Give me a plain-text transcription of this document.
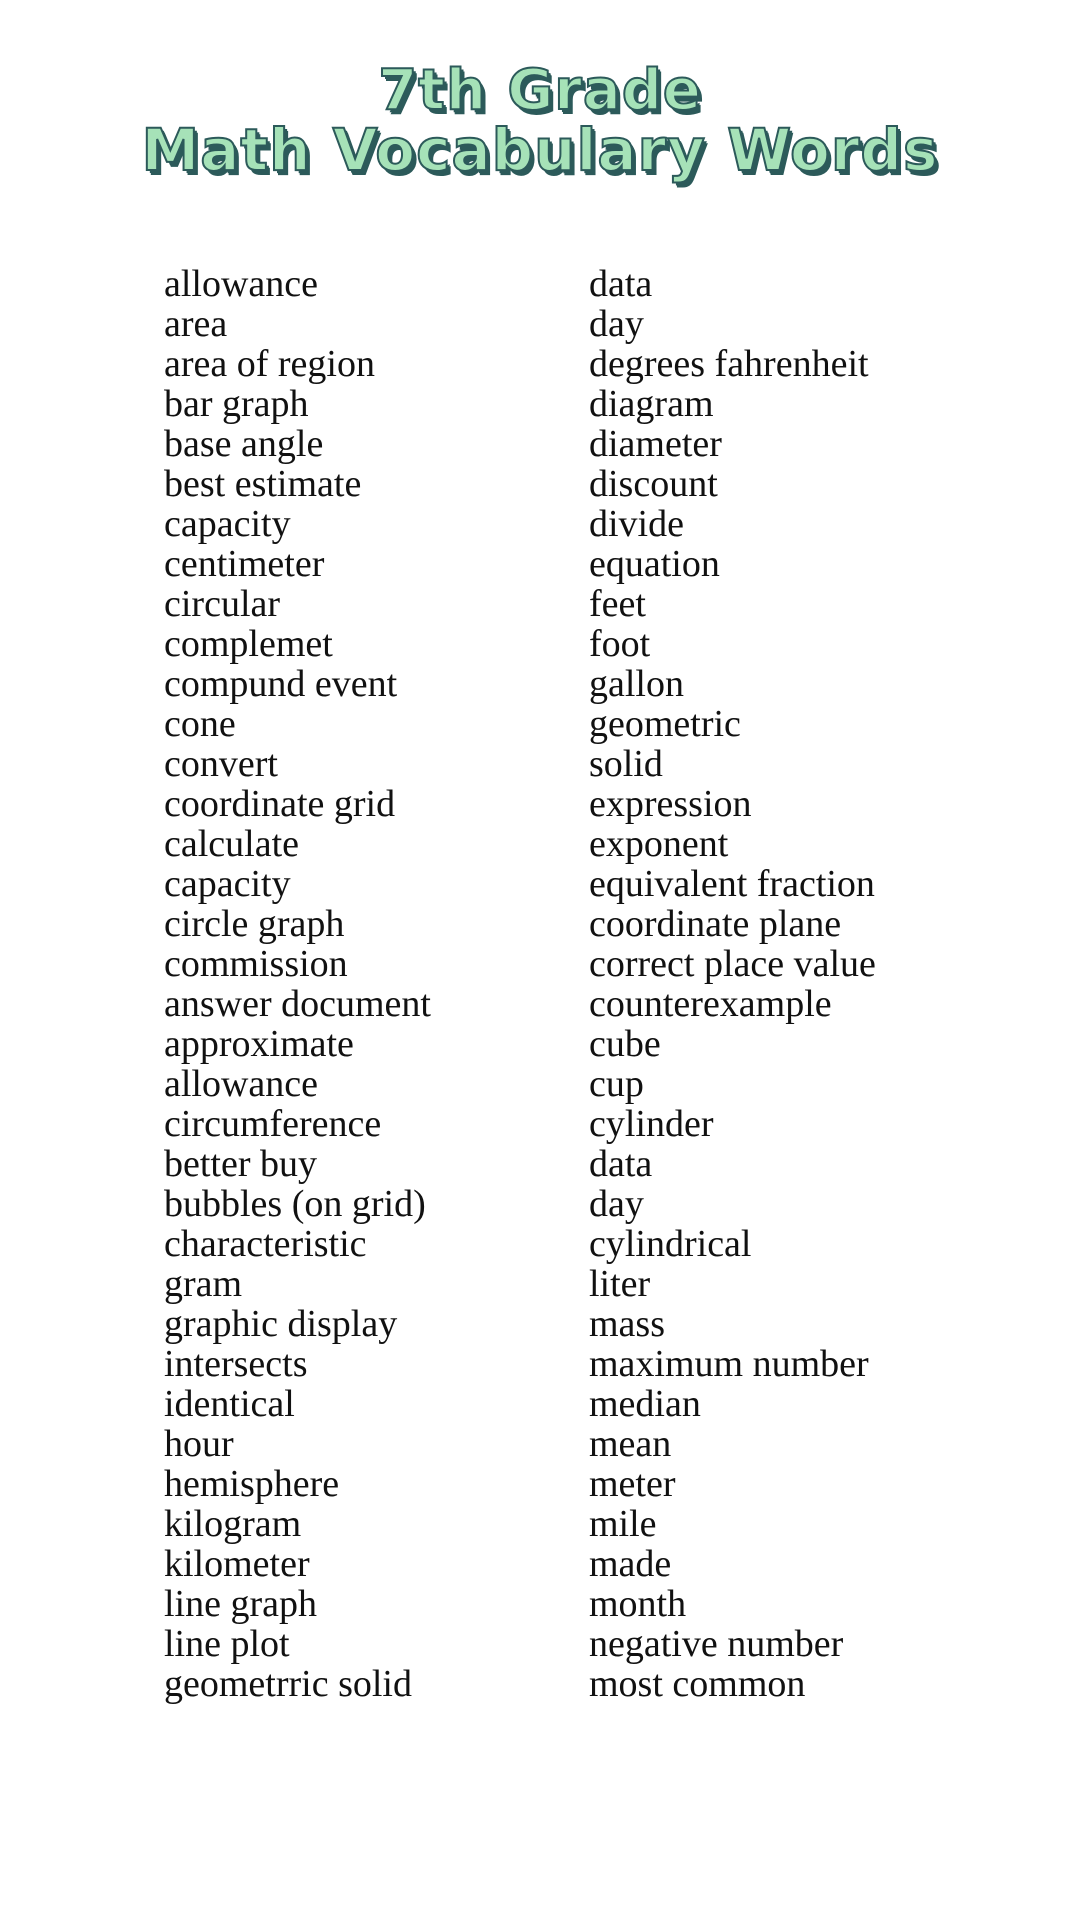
7th Grade
Math Vocabulary Words
allowance
area
area of region
bar graph
base angle
best estimate
capacity
centimeter
circular
complemet
compund event
cone
convert
coordinate grid
calculate
capacity
circle graph
commission
answer document
approximate
allowance
circumference
better buy
bubbles (on grid)
characteristic
gram
graphic display
intersects
identical
hour
hemisphere
kilogram
kilometer
line graph
line plot
geometrric solid
data
day
degrees fahrenheit
diagram
diameter
discount
divide
equation
feet
foot
gallon
geometric
solid
expression
exponent
equivalent fraction
coordinate plane
correct place value
counterexample
cube
cup
cylinder
data
day
cylindrical
liter
mass
maximum number
median
mean
meter
mile
made
month
negative number
most common
